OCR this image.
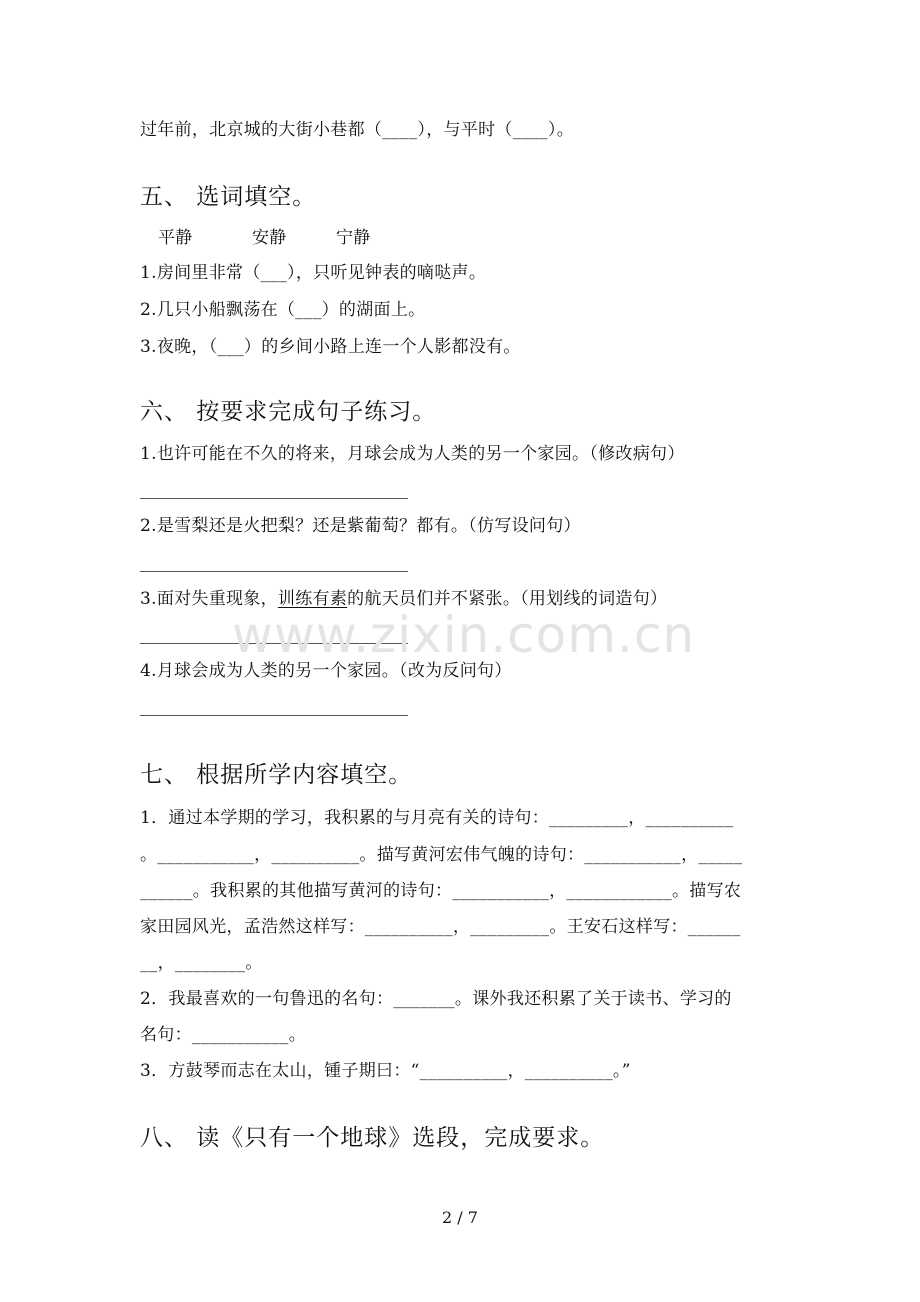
过年前，北京城的大街小巷都（____），与平时（____）。
五、 选词填空。
平静	安静	宁静
1.房间里非常（___），只听见钟表的嘀哒声。
2.几只小船飘荡在（___）的湖面上。
3.夜晚，（___）的乡间小路上连一个人影都没有。
六、 按要求完成句子练习。
1.也许可能在不久的将来，月球会成为人类的另一个家园。（修改病句）
2.是雪梨还是火把梨？还是紫葡萄？都有。（仿写设问句）
3.面对失重现象，训练有素的航天员们并不紧张。（用划线的词造句）
4.月球会成为人类的另一个家园。（改为反问句）
七、 根据所学内容填空。
1．通过本学期的学习，我积累的与月亮有关的诗句：_________，__________
。___________，__________。描写黄河宏伟气魄的诗句：___________，_____
______。我积累的其他描写黄河的诗句：___________，____________。描写农
家田园风光，孟浩然这样写：__________，_________。王安石这样写：______
__，________。
2．我最喜欢的一句鲁迅的名句：_______。课外我还积累了关于读书、学习的
名句：___________。
3．方鼓琴而志在太山，锺子期曰：“__________，__________。”
八、 读《只有一个地球》选段，完成要求。
www.zixin.com.cn
2 / 7
